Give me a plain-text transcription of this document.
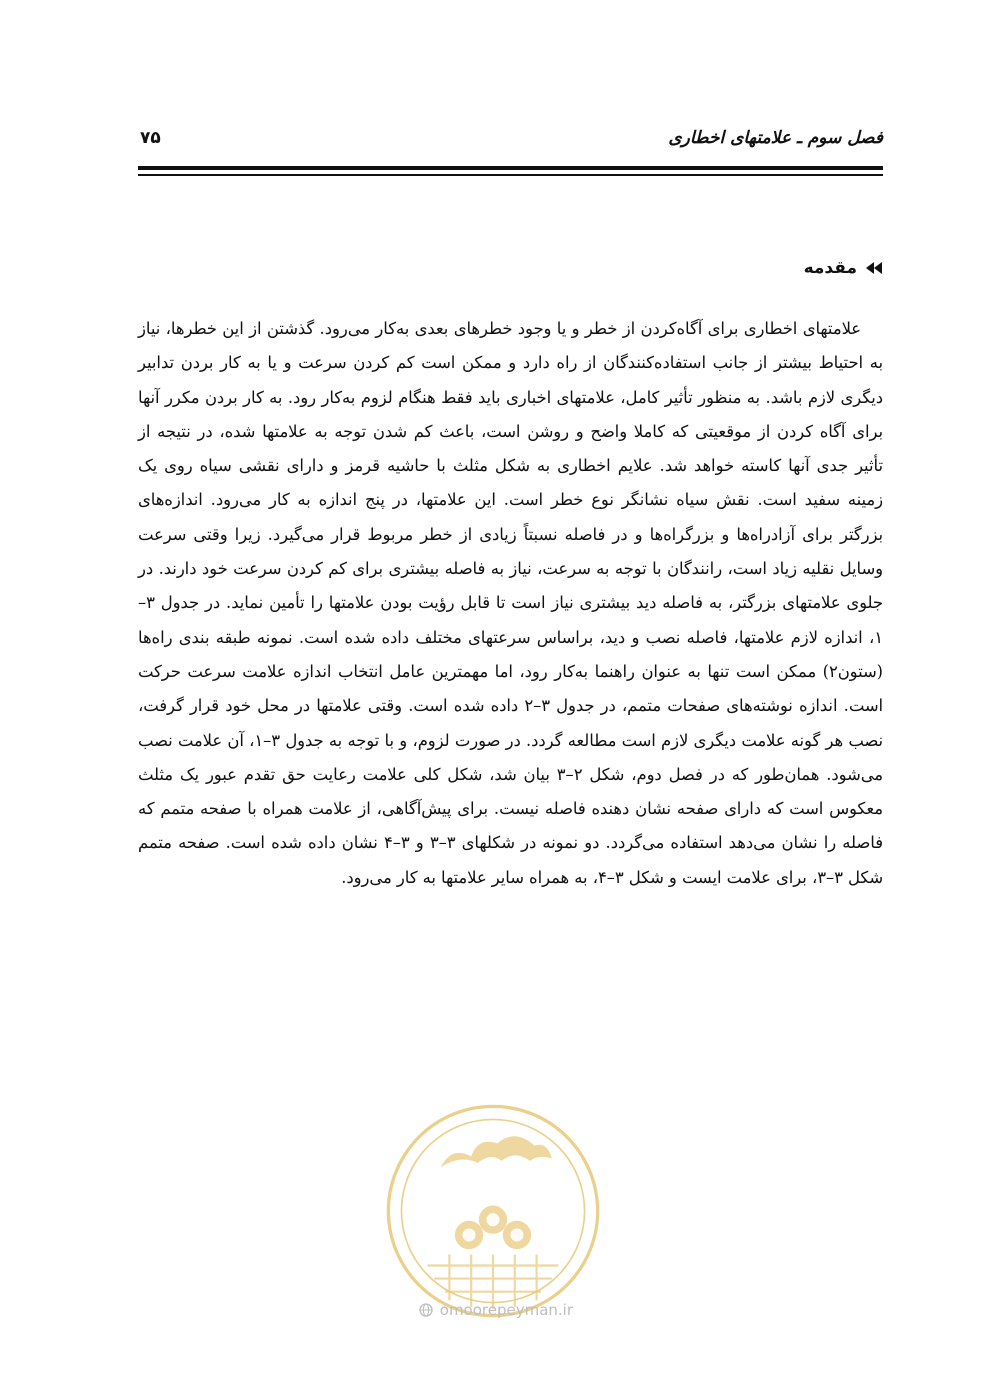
فصل سوم ـ علامتهای اخطاری
۷۵
مقدمه

علامتهای اخطاری برای آگاه‌کردن از خطر و یا وجود خطرهای بعدی به‌کار می‌رود. گذشتن از این خطرها، نیاز به احتیاط بیشتر از جانب استفاده‌کنندگان از راه دارد و ممکن است کم کردن سرعت و یا به کار بردن تدابیر دیگری لازم باشد. به منظور تأثیر کامل، علامتهای اخباری باید فقط هنگام لزوم به‌کار رود. به کار بردن مکرر آنها برای آگاه کردن از موقعیتی که کاملا واضح و روشن است، باعث کم شدن توجه به علامتها شده، در نتیجه از تأثیر جدی آنها کاسته خواهد شد. علایم اخطاری به شکل مثلث با حاشیه قرمز و دارای نقشی سیاه روی یک زمینه سفید است. نقش سیاه نشانگر نوع خطر است. این علامتها، در پنج اندازه به کار می‌رود. اندازه‌های بزرگتر برای آزادراه‌ها و بزرگراه‌ها و در فاصله نسبتاً زیادی از خطر مربوط قرار می‌گیرد. زیرا وقتی سرعت وسایل نقلیه زیاد است، رانندگان با توجه به سرعت، نیاز به فاصله بیشتری برای کم کردن سرعت خود دارند. در جلوی علامتهای بزرگتر، به فاصله دید بیشتری نیاز است تا قابل رؤیت بودن علامتها را تأمین نماید. در جدول ۳–۱، اندازه لازم علامتها، فاصله نصب و دید، براساس سرعتهای مختلف داده شده است. نمونه طبقه بندی راه‌ها (ستون۲) ممکن است تنها به عنوان راهنما به‌کار رود، اما مهمترین عامل انتخاب اندازه علامت سرعت حرکت است. اندازه نوشته‌های صفحات متمم، در جدول ۳–۲ داده شده است. وقتی علامتها در محل خود قرار گرفت، نصب هر گونه علامت دیگری لازم است مطالعه گردد. در صورت لزوم، و با توجه به جدول ۳–۱، آن علامت نصب می‌شود. همان‌طور که در فصل دوم، شکل ۲–۳ بیان شد، شکل کلی علامت رعایت حق تقدم عبور یک مثلث معکوس است که دارای صفحه نشان دهنده فاصله نیست. برای پیش‌آگاهی، از علامت همراه با صفحه متمم که فاصله را نشان می‌دهد استفاده می‌گردد. دو نمونه در شکلهای ۳–۳ و ۳–۴ نشان داده شده است. صفحه متمم شکل ۳–۳، برای علامت ایست و شکل ۳–۴، به همراه سایر علامتها به کار می‌رود.

omoorepeyman.ir
